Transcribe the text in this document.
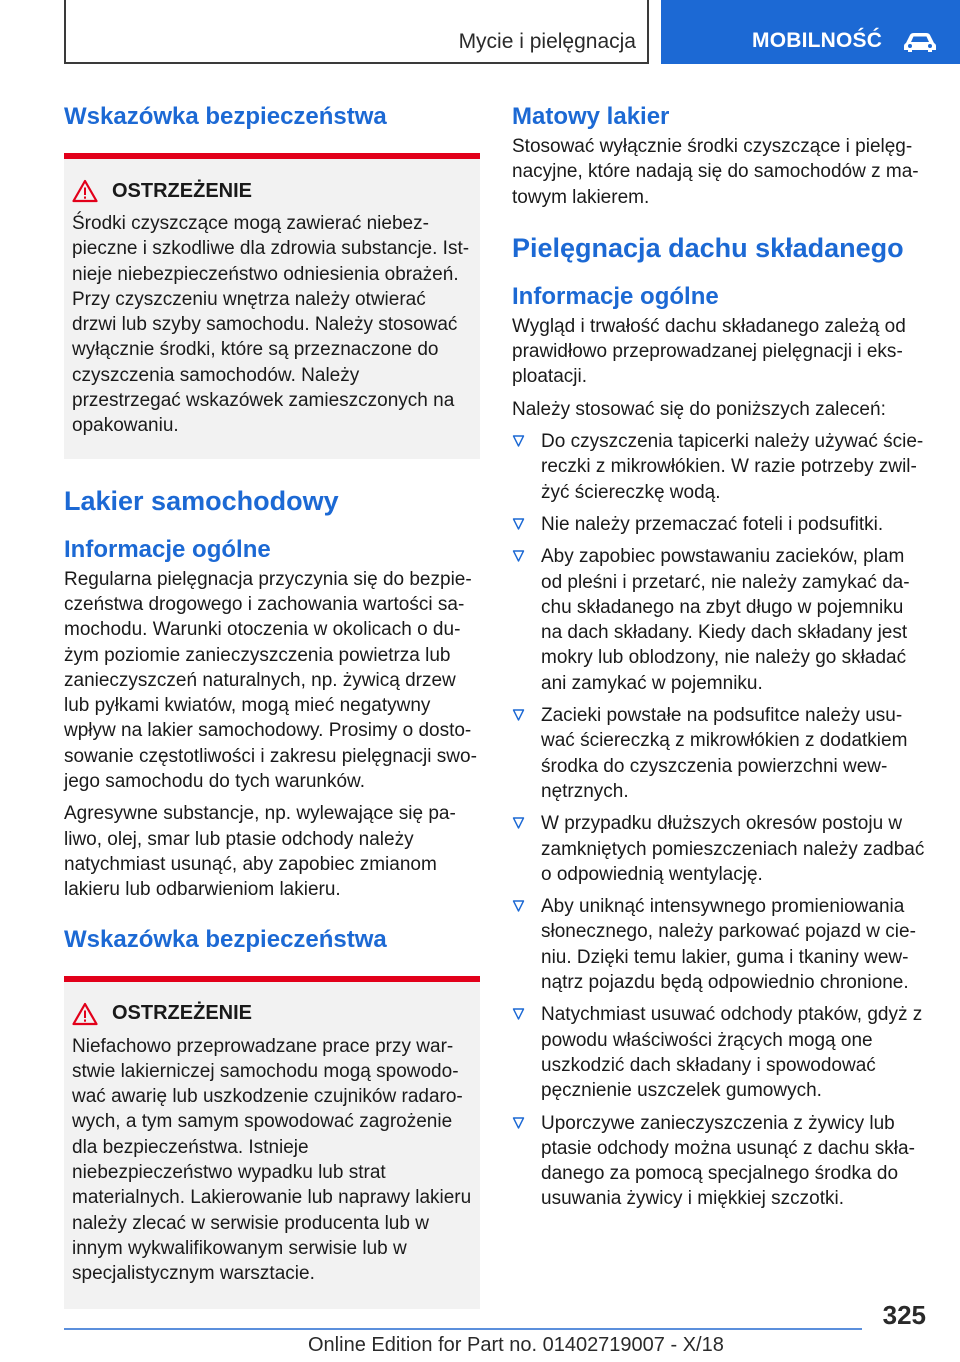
Mycie i pielęgnacja	MOBILNOŚĆ
Wskazówka bezpieczeństwa
OSTRZEŻENIE

Środki czyszczące mogą zawierać niebezpieczne i szkodliwe dla zdrowia substancje. Istnieje niebezpieczeństwo odniesienia obrażeń. Przy czyszczeniu wnętrza należy otwierać drzwi lub szyby samochodu. Należy stosować wyłącznie środki, które są przeznaczone do czyszczenia samochodów. Należy przestrzegać wskazówek zamieszczonych na opakowaniu.

Lakier samochodowy
Informacje ogólne

Regularna pielęgnacja przyczynia się do bezpieczeństwa drogowego i zachowania wartości samochodu. Warunki otoczenia w okolicach o dużym poziomie zanieczyszczenia powietrza lub zanieczyszczeń naturalnych, np. żywicą drzew lub pyłkami kwiatów, mogą mieć negatywny wpływ na lakier samochodowy. Prosimy o dostosowanie częstotliwości i zakresu pielęgnacji swojego samochodu do tych warunków.

Agresywne substancje, np. wylewające się paliwo, olej, smar lub ptasie odchody należy natychmiast usunąć, aby zapobiec zmianom lakieru lub odbarwieniom lakieru.

Wskazówka bezpieczeństwa
OSTRZEŻENIE

Niefachowo przeprowadzane prace przy warstwie lakierniczej samochodu mogą spowodować awarię lub uszkodzenie czujników radarowych, a tym samym spowodować zagrożenie dla bezpieczeństwa. Istnieje niebezpieczeństwo wypadku lub strat materialnych. Lakierowanie lub naprawy lakieru należy zlecać w serwisie producenta lub w innym wykwalifikowanym serwisie lub w specjalistycznym warsztacie.

Matowy lakier

Stosować wyłącznie środki czyszczące i pielęgnacyjne, które nadają się do samochodów z matowym lakierem.

Pielęgnacja dachu składanego
Informacje ogólne

Wygląd i trwałość dachu składanego zależą od prawidłowo przeprowadzanej pielęgnacji i eksploatacji.

Należy stosować się do poniższych zaleceń:

Do czyszczenia tapicerki należy używać ściereczki z mikrowłókien. W razie potrzeby zwilżyć ściereczkę wodą.
Nie należy przemaczać foteli i podsufitki.
Aby zapobiec powstawaniu zacieków, plam od pleśni i przetarć, nie należy zamykać dachu składanego na zbyt długo w pojemniku na dach składany. Kiedy dach składany jest mokry lub oblodzony, nie należy go składać ani zamykać w pojemniku.
Zacieki powstałe na podsufitce należy usuwać ściereczką z mikrowłókien z dodatkiem środka do czyszczenia powierzchni wewnętrznych.
W przypadku dłuższych okresów postoju w zamkniętych pomieszczeniach należy zadbać o odpowiednią wentylację.
Aby uniknąć intensywnego promieniowania słonecznego, należy parkować pojazd w cieniu. Dzięki temu lakier, guma i tkaniny wewnątrz pojazdu będą odpowiednio chronione.
Natychmiast usuwać odchody ptaków, gdyż z powodu właściwości żrących mogą one uszkodzić dach składany i spowodować pęcznienie uszczelek gumowych.
Uporczywe zanieczyszczenia z żywicy lub ptasie odchody można usunąć z dachu składanego za pomocą specjalnego środka do usuwania żywicy i miękkiej szczotki.
325
Online Edition for Part no. 01402719007 - X/18
